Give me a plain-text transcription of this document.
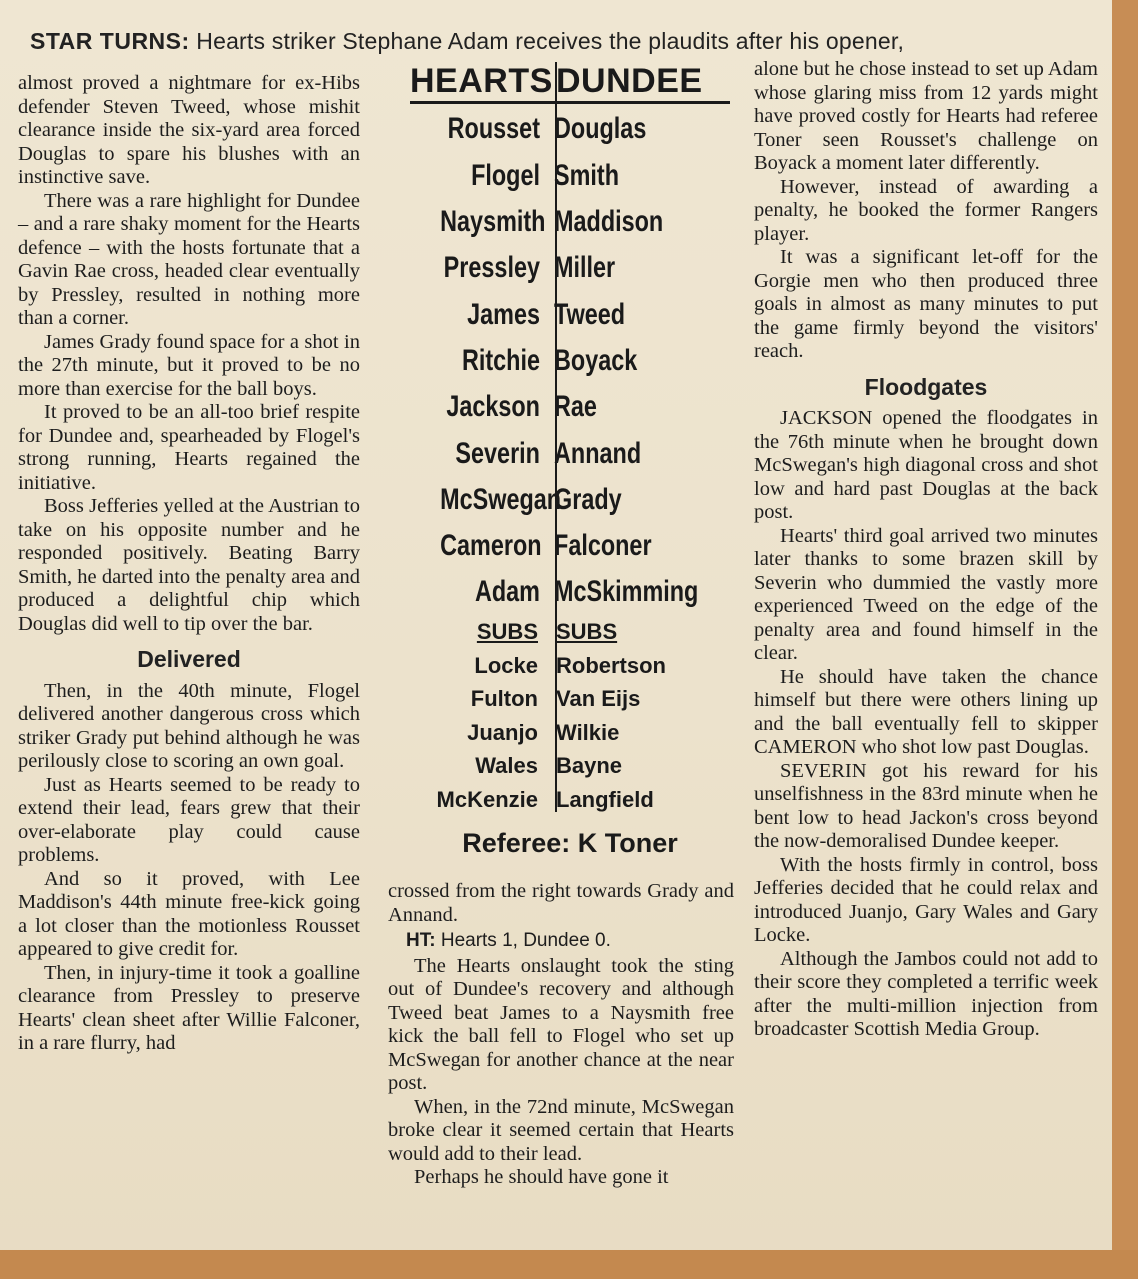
STAR TURNS: Hearts striker Stephane Adam receives the plaudits after his opener,

almost proved a nightmare for ex-Hibs defender Steven Tweed, whose mishit clearance inside the six-yard area forced Douglas to spare his blushes with an instinctive save.

There was a rare highlight for Dundee – and a rare shaky moment for the Hearts defence – with the hosts fortunate that a Gavin Rae cross, headed clear eventually by Pressley, resulted in nothing more than a corner.

James Grady found space for a shot in the 27th minute, but it proved to be no more than exercise for the ball boys.

It proved to be an all-too brief respite for Dundee and, spearheaded by Flogel's strong running, Hearts regained the initiative.

Boss Jefferies yelled at the Austrian to take on his opposite number and he responded positively. Beating Barry Smith, he darted into the penalty area and produced a delightful chip which Douglas did well to tip over the bar.

Delivered

Then, in the 40th minute, Flogel delivered another dangerous cross which striker Grady put behind although he was perilously close to scoring an own goal.

Just as Hearts seemed to be ready to extend their lead, fears grew that their over-elaborate play could cause problems.

And so it proved, with Lee Maddison's 44th minute free-kick going a lot closer than the motionless Rousset appeared to give credit for.

Then, in injury-time it took a goalline clearance from Pressley to preserve Hearts' clean sheet after Willie Falconer, in a rare flurry, had

HEARTS DUNDEE
Rousset Douglas
Flogel Smith
Naysmith Maddison
Pressley Miller
James Tweed
Ritchie Boyack
Jackson Rae
Severin Annand
McSwegan
Grady
Cameron Falconer
Adam McSkimming
SUBS SUBS
Locke Robertson
Fulton Van Eijs
Juanjo Wilkie
Wales Bayne
McKenzie Langfield
Referee: K Toner

crossed from the right towards Grady and Annand.

HT: Hearts 1, Dundee 0.

The Hearts onslaught took the sting out of Dundee's recovery and although Tweed beat James to a Naysmith free kick the ball fell to Flogel who set up McSwegan for another chance at the near post.

When, in the 72nd minute, McSwegan broke clear it seemed certain that Hearts would add to their lead.

Perhaps he should have gone it

alone but he chose instead to set up Adam whose glaring miss from 12 yards might have proved costly for Hearts had referee Toner seen Rousset's challenge on Boyack a moment later differently.

However, instead of awarding a penalty, he booked the former Rangers player.

It was a significant let-off for the Gorgie men who then produced three goals in almost as many minutes to put the game firmly beyond the visitors' reach.

Floodgates

JACKSON opened the floodgates in the 76th minute when he brought down McSwegan's high diagonal cross and shot low and hard past Douglas at the back post.

Hearts' third goal arrived two minutes later thanks to some brazen skill by Severin who dummied the vastly more experienced Tweed on the edge of the penalty area and found himself in the clear.

He should have taken the chance himself but there were others lining up and the ball eventually fell to skipper CAMERON who shot low past Douglas.

SEVERIN got his reward for his unselfishness in the 83rd minute when he bent low to head Jackon's cross beyond the now-demoralised Dundee keeper.

With the hosts firmly in control, boss Jefferies decided that he could relax and introduced Juanjo, Gary Wales and Gary Locke.

Although the Jambos could not add to their score they completed a terrific week after the multi-million injection from broadcaster Scottish Media Group.
